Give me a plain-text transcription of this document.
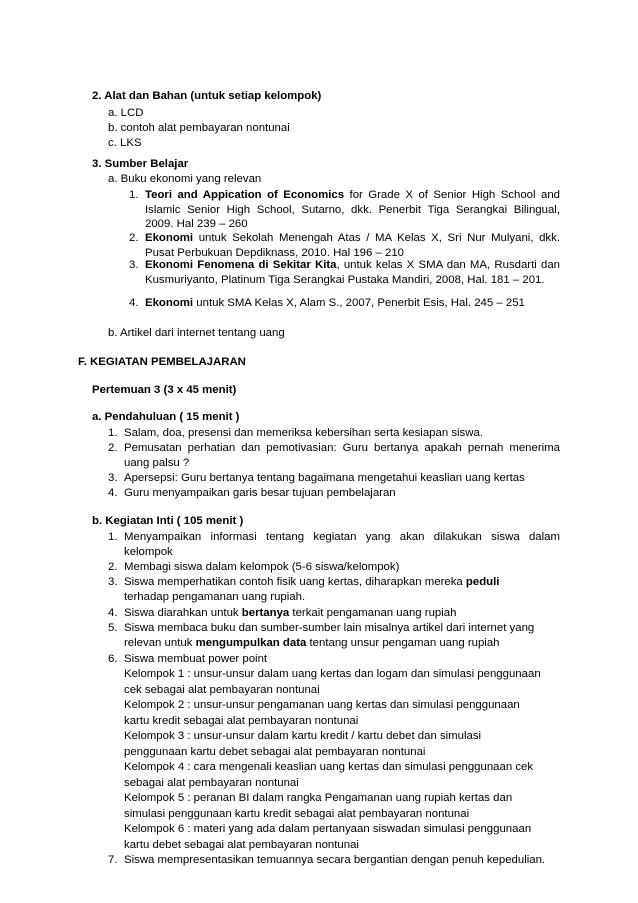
2. Alat dan Bahan (untuk setiap kelompok)
a. LCD
b. contoh alat pembayaran nontunai
c. LKS
3. Sumber Belajar
a. Buku ekonomi yang relevan
1. Teori and Appication of Economics for Grade X of Senior High School and Islamic Senior High School, Sutarno, dkk. Penerbit Tiga Serangkai Bilingual, 2009. Hal 239 – 260
2. Ekonomi untuk Sekolah Menengah Atas / MA Kelas X, Sri Nur Mulyani, dkk. Pusat Perbukuan Depdiknass, 2010. Hal 196 – 210
3. Ekonomi Fenomena di Sekitar Kita, untuk kelas X SMA dan MA, Rusdarti dan Kusmuriyanto, Platinum Tiga Serangkai Pustaka Mandiri, 2008, Hal. 181 – 201.
4. Ekonomi untuk SMA Kelas X, Alam S., 2007, Penerbit Esis, Hal. 245 – 251
b. Artikel dari internet tentang uang
F. KEGIATAN PEMBELAJARAN
Pertemuan 3 (3 x 45 menit)
a. Pendahuluan ( 15 menit )
1. Salam, doa, presensi dan memeriksa kebersihan serta kesiapan siswa.
2. Pemusatan perhatian dan pemotivasian: Guru bertanya apakah pernah menerima uang palsu ?
3. Apersepsi: Guru bertanya tentang bagaimana mengetahui keaslian uang kertas
4. Guru menyampaikan garis besar tujuan pembelajaran
b. Kegiatan Inti ( 105 menit )
1. Menyampaikan informasi tentang kegiatan yang akan dilakukan siswa dalam kelompok
2. Membagi siswa dalam kelompok (5-6 siswa/kelompok)
3. Siswa memperhatikan contoh fisik uang kertas, diharapkan mereka peduli
terhadap pengamanan uang rupiah.
4. Siswa diarahkan untuk bertanya terkait pengamanan uang rupiah
5. Siswa membaca buku dan sumber-sumber lain misalnya artikel dari internet yang
relevan untuk mengumpulkan data tentang unsur pengaman uang rupiah
6. Siswa membuat power point
Kelompok 1 : unsur-unsur dalam uang kertas dan logam dan simulasi penggunaan
cek sebagai alat pembayaran nontunai
Kelompok 2 : unsur-unsur pengamanan uang kertas dan simulasi penggunaan
kartu kredit sebagai alat pembayaran nontunai
Kelompok 3 : unsur-unsur dalam kartu kredit / kartu debet dan simulasi
penggunaan kartu debet sebagai alat pembayaran nontunai
Kelompok 4 : cara mengenali keaslian uang kertas dan simulasi penggunaan cek
sebagai alat pembayaran nontunai
Kelompok 5 : peranan BI dalam rangka Pengamanan uang rupiah kertas dan
simulasi penggunaan kartu kredit sebagai alat pembayaran nontunai
Kelompok 6 : materi yang ada dalam pertanyaan siswadan simulasi penggunaan
kartu debet sebagai alat pembayaran nontunai
7. Siswa mempresentasikan temuannya secara bergantian dengan penuh kepedulian.
